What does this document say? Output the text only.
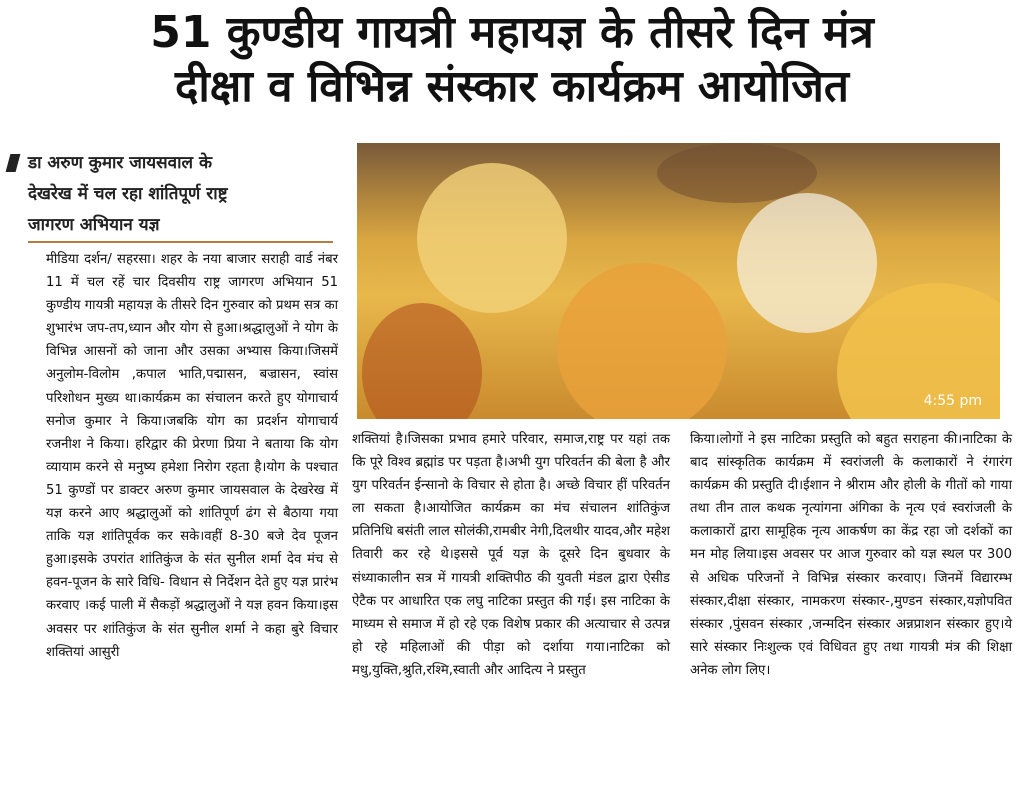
51 कुण्डीय गायत्री महायज्ञ के तीसरे दिन मंत्र
दीक्षा व विभिन्न संस्कार कार्यक्रम आयोजित
डा अरुण कुमार जायसवाल के
देखरेख में चल रहा शांतिपूर्ण राष्ट्र
जागरण अभियान यज्ञ
4:55 pm

मीडिया दर्शन/ सहरसा। शहर के नया बाजार सराही वार्ड नंबर 11 में चल रहें चार दिवसीय राष्ट्र जागरण अभियान 51 कुण्डीय गायत्री महायज्ञ के तीसरे दिन गुरुवार को प्रथम सत्र का शुभारंभ जप-तप,ध्यान और योग से हुआ।श्रद्धालुओं ने योग के विभिन्न आसनों को जाना और उसका अभ्यास किया।जिसमें अनुलोम-विलोम ,कपाल भाति,पद्मासन, बज्रासन, स्वांस परिशोधन मुख्य था।कार्यक्रम का संचालन करते हुए योगाचार्य सनोज कुमार ने किया।जबकि योग का प्रदर्शन योगाचार्य रजनीश ने किया। हरिद्वार की प्रेरणा प्रिया ने बताया कि योग व्यायाम करने से मनुष्य हमेशा निरोग रहता है।योग के पश्चात 51 कुण्डों पर डाक्टर अरुण कुमार जायसवाल के देखरेख में यज्ञ करने आए श्रद्धालुओं को शांतिपूर्ण ढंग से बैठाया गया ताकि यज्ञ शांतिपूर्वक कर सके।वहीं 8-30 बजे देव पूजन हुआ।इसके उपरांत शांतिकुंज के संत सुनील शर्मा देव मंच से हवन-पूजन के सारे विधि- विधान से निर्देशन देते हुए यज्ञ प्रारंभ करवाए ।कई पाली में सैकड़ों श्रद्धालुओं ने यज्ञ हवन किया।इस अवसर पर शांतिकुंज के संत सुनील शर्मा ने कहा बुरे विचार शक्तियां आसुरी

शक्तियां है।जिसका प्रभाव हमारे परिवार, समाज,राष्ट्र पर यहां तक कि पूरे विश्व ब्रह्मांड पर पड़ता है।अभी युग परिवर्तन की बेला है और युग परिवर्तन ईन्सानो के विचार से होता है। अच्छे विचार हीं परिवर्तन ला सकता है।आयोजित कार्यक्रम का मंच संचालन शांतिकुंज प्रतिनिधि बसंती लाल सोलंकी,रामबीर नेगी,दिलथीर यादव,और महेश तिवारी कर रहे थे।इससे पूर्व यज्ञ के दूसरे दिन बुधवार के संध्याकालीन सत्र में गायत्री शक्तिपीठ की युवती मंडल द्वारा ऐसीड ऐटैक पर आधारित एक लघु नाटिका प्रस्तुत की गई। इस नाटिका के माध्यम से समाज में हो रहे एक विशेष प्रकार की अत्याचार से उत्पन्न हो रहे महिलाओं की पीड़ा को दर्शाया गया।नाटिका को मधु,युक्ति,श्रुति,रश्मि,स्वाती और आदित्य ने प्रस्तुत

किया।लोगों ने इस नाटिका प्रस्तुति को बहुत सराहना की।नाटिका के बाद सांस्कृतिक कार्यक्रम में स्वरांजली के कलाकारों ने रंगारंग कार्यक्रम की प्रस्तुति दी।ईशान ने श्रीराम और होली के गीतों को गाया तथा तीन ताल कथक नृत्यांगना अंगिका के नृत्य एवं स्वरांजली के कलाकारों द्वारा सामूहिक नृत्य आकर्षण का केंद्र रहा जो दर्शकों का मन मोह लिया।इस अवसर पर आज गुरुवार को यज्ञ स्थल पर 300 से अधिक परिजनों ने विभिन्न संस्कार करवाए। जिनमें विद्यारम्भ संस्कार,दीक्षा संस्कार, नामकरण संस्कार-,मुण्डन संस्कार,यज्ञोपवित संस्कार ,पुंसवन संस्कार ,जन्मदिन संस्कार अन्नप्राशन संस्कार हुए।ये सारे संस्कार निःशुल्क एवं विधिवत हुए तथा गायत्री मंत्र की शिक्षा अनेक लोग लिए।
